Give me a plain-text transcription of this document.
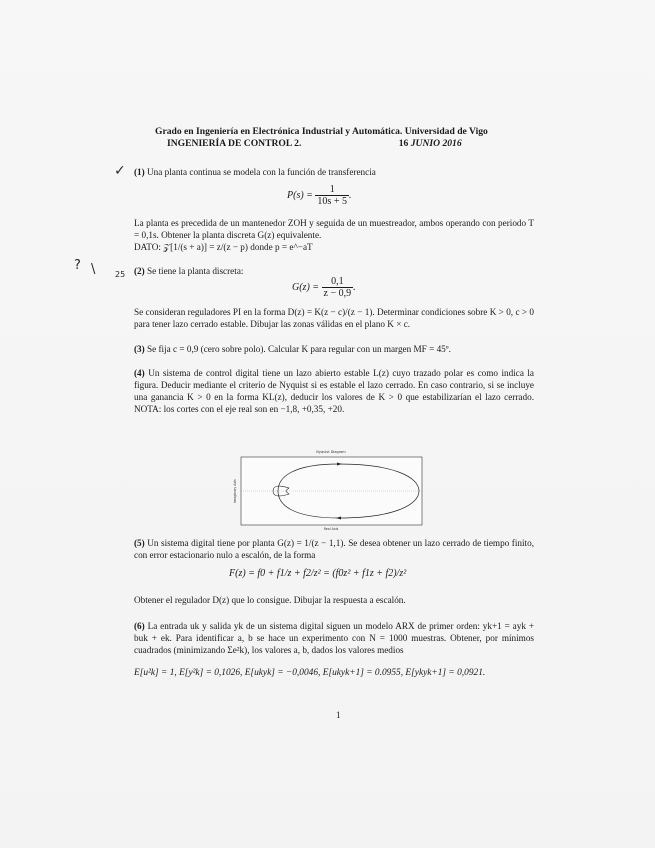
Grado en Ingeniería en Electrónica Industrial y Automática. Universidad de Vigo
INGENIERÍA DE CONTROL 2.	16 JUNIO 2016
✓
? \ 25
(1) Una planta continua se modela con la función de transferencia
$P(s) = \frac{1}{10s + 5}$ .
La planta es precedida de un mantenedor ZOH y seguida de un muestreador, ambos operando con periodo T = 0,1s. Obtener la planta discreta G(z) equivalente.
DATO: 𝒵[1/(s + a)] = z/(z − p) donde p = e^−aT
(2) Se tiene la planta discreta:
$G(z) = \frac{0,1}{z - 0,9}$ .
Se consideran reguladores PI en la forma D(z) = K(z − c)/(z − 1). Determinar condiciones sobre K > 0, c > 0 para tener lazo cerrado estable. Dibujar las zonas válidas en el plano K × c.
(3) Se fija c = 0,9 (cero sobre polo). Calcular K para regular con un margen MF = 45º.
(4) Un sistema de control digital tiene un lazo abierto estable L(z) cuyo trazado polar es como indica la figura. Deducir mediante el criterio de Nyquist si es estable el lazo cerrado. En caso contrario, si se incluye una ganancia K > 0 en la forma KL(z), deducir los valores de K > 0 que estabilizarían el lazo cerrado. NOTA: los cortes con el eje real son en −1,8, +0,35, +20.
Nyquist Diagram
Real Axis
Imaginary Axis
(5) Un sistema digital tiene por planta G(z) = 1/(z − 1,1). Se desea obtener un lazo cerrado de tiempo finito, con error estacionario nulo a escalón, de la forma
F(z) = f0 + f1/z + f2/z² = (f0z² + f1z + f2)/z²
Obtener el regulador D(z) que lo consigue. Dibujar la respuesta a escalón.
(6) La entrada uk y salida yk de un sistema digital siguen un modelo ARX de primer orden: yk+1 = ayk + buk + ek. Para identificar a, b se hace un experimento con N = 1000 muestras. Obtener, por mínimos cuadrados (minimizando Σe²k), los valores a, b, dados los valores medios
E[u²k] = 1, E[y²k] = 0,1026, E[ukyk] = −0,0046, E[ukyk+1] = 0.0955, E[ykyk+1] = 0,0921.
1
